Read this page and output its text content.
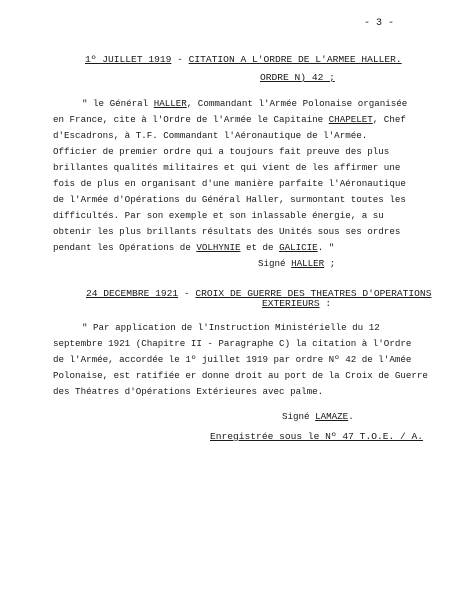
- 3 -
1º JUILLET 1919 - CITATION A L'ORDRE DE L'ARMEE HALLER.
ORDRE N) 42 ;
" le Général HALLER, Commandant l'Armée Polonaise organisée
en France, cite à l'Ordre de l'Armée le Capitaine CHAPELET, Chef
d'Escadrons, à T.F. Commandant l'Aéronautique de l'Armée.
Officier de premier ordre qui a toujours fait preuve des plus
brillantes qualités militaires et qui vient de les affirmer une
fois de plus en organisant d'une manière parfaite l'Aéronautique
de l'Armée d'Opérations du Général Haller, surmontant toutes les
difficultés. Par son exemple et son inlassable énergie, a su
obtenir les plus brillants résultats des Unités sous ses ordres
pendant les Opérations de VOLHYNIE et de GALICIE. "
Signé HALLER ;
24 DECEMBRE 1921 - CROIX DE GUERRE DES THEATRES D'OPERATIONS
EXTERIEURS :
" Par application de l'Instruction Ministérielle du 12
septembre 1921 (Chapitre II - Paragraphe C) la citation à l'Ordre
de l'Armée, accordée le 1º juillet 1919 par ordre Nº 42 de l'Amée
Polonaise, est ratifiée er donne droit au port de la Croix de Guerre
des Théatres d'Opérations Extérieures avec palme.
Signé LAMAZE.
Enregistrée sous le Nº 47 T.O.E. / A.
